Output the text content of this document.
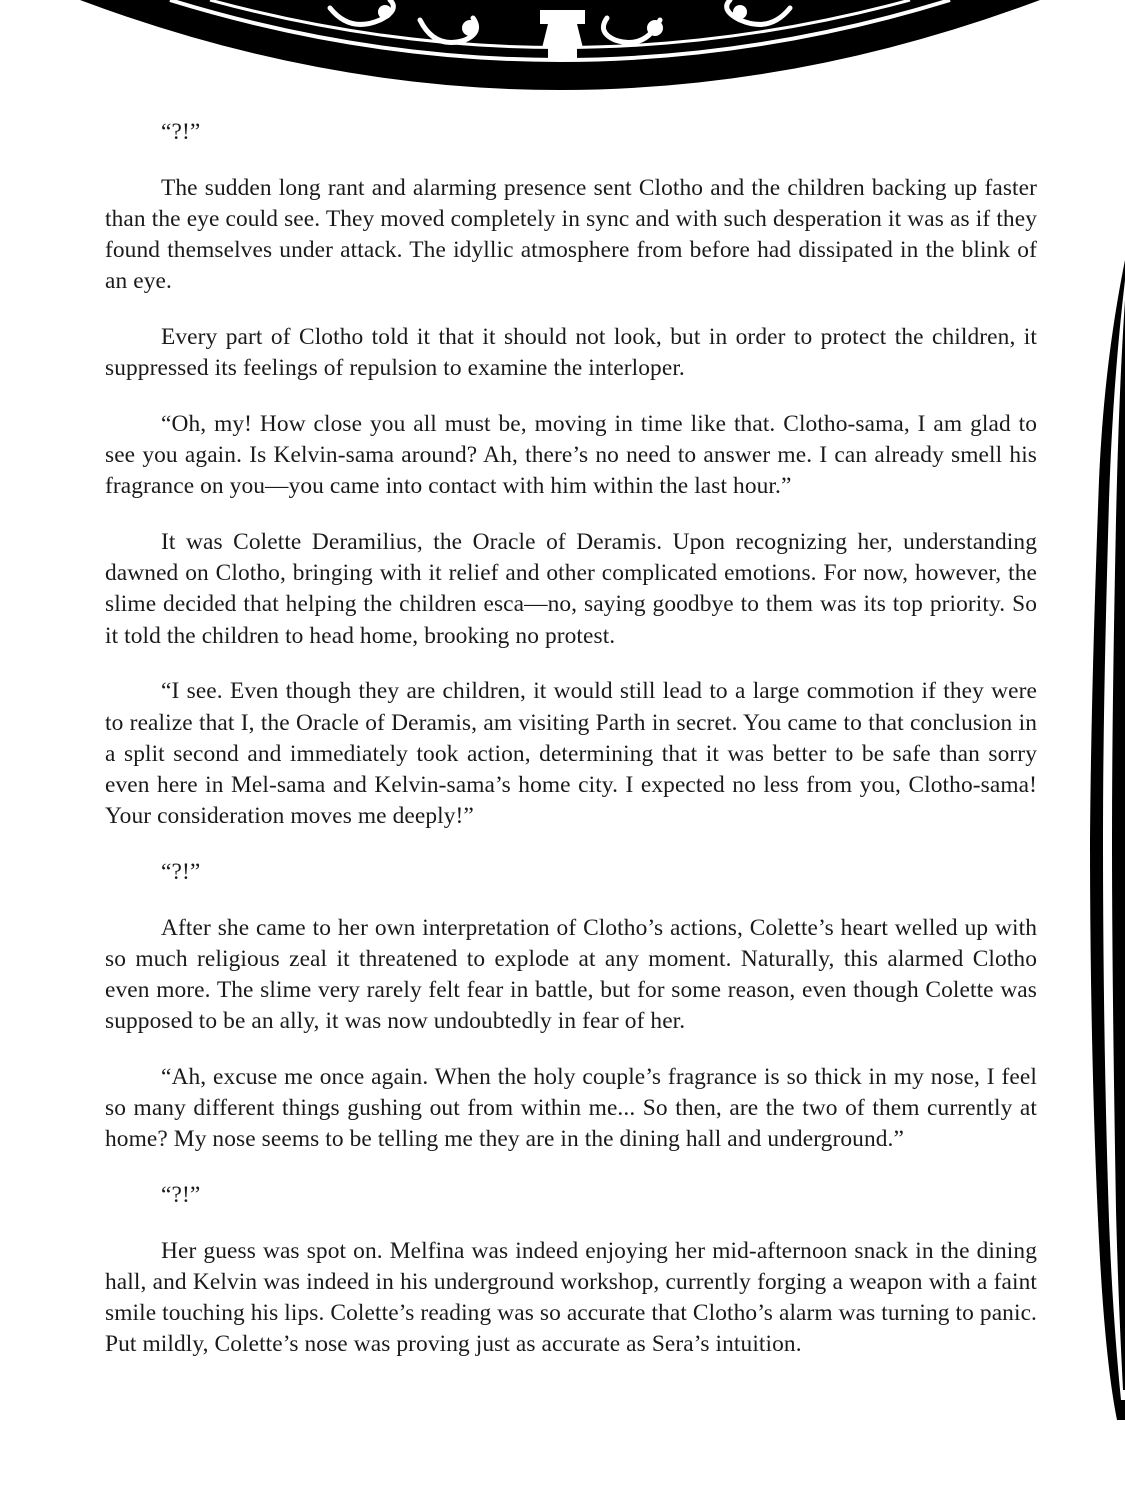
“?!”

The sudden long rant and alarming presence sent Clotho and the children backing up faster than the eye could see. They moved completely in sync and with such desperation it was as if they found themselves under attack. The idyllic atmosphere from before had dissipated in the blink of an eye.

Every part of Clotho told it that it should not look, but in order to protect the children, it suppressed its feelings of repulsion to examine the interloper.

“Oh, my! How close you all must be, moving in time like that. Clotho-sama, I am glad to see you again. Is Kelvin-sama around? Ah, there’s no need to answer me. I can already smell his fragrance on you—you came into contact with him within the last hour.”

It was Colette Deramilius, the Oracle of Deramis. Upon recognizing her, understanding dawned on Clotho, bringing with it relief and other complicated emotions. For now, however, the slime decided that helping the children esca—no, saying goodbye to them was its top priority. So it told the children to head home, brooking no protest.

“I see. Even though they are children, it would still lead to a large commotion if they were to realize that I, the Oracle of Deramis, am visiting Parth in secret. You came to that conclusion in a split second and immediately took action, determining that it was better to be safe than sorry even here in Mel-sama and Kelvin-sama’s home city. I expected no less from you, Clotho-sama! Your consideration moves me deeply!”

“?!”

After she came to her own interpretation of Clotho’s actions, Colette’s heart welled up with so much religious zeal it threatened to explode at any moment. Naturally, this alarmed Clotho even more. The slime very rarely felt fear in battle, but for some reason, even though Colette was supposed to be an ally, it was now undoubtedly in fear of her.

“Ah, excuse me once again. When the holy couple’s fragrance is so thick in my nose, I feel so many different things gushing out from within me... So then, are the two of them currently at home? My nose seems to be telling me they are in the dining hall and underground.”

“?!”

Her guess was spot on. Melfina was indeed enjoying her mid-afternoon snack in the dining hall, and Kelvin was indeed in his underground workshop, currently forging a weapon with a faint smile touching his lips. Colette’s reading was so accurate that Clotho’s alarm was turning to panic. Put mildly, Colette’s nose was proving just as accurate as Sera’s intuition.
